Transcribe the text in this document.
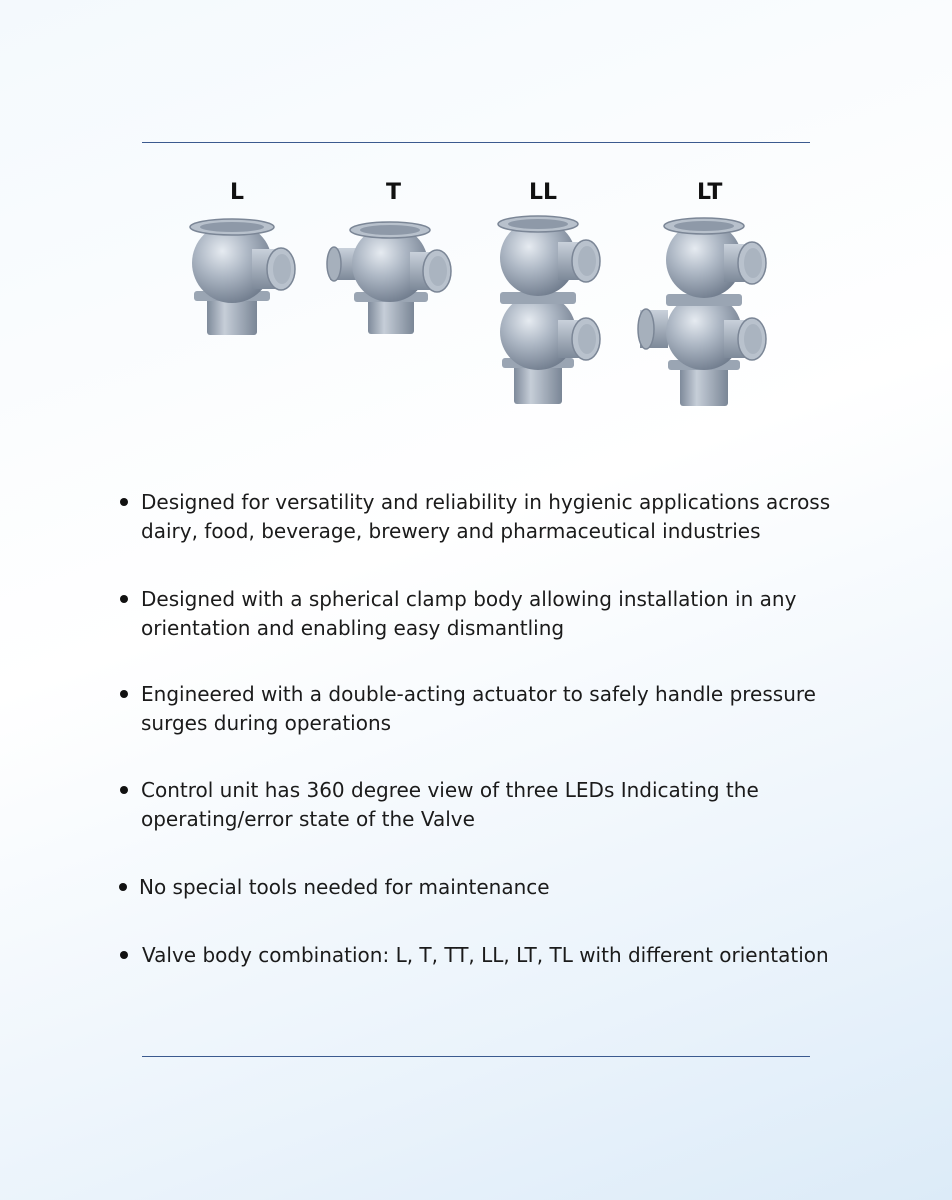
L	T	LL	LT
Designed for versatility and reliability in hygienic applications across
dairy, food, beverage, brewery and pharmaceutical industries
Designed with a spherical clamp body allowing installation in any
orientation and enabling easy dismantling
Engineered with a double-acting actuator to safely handle pressure
surges during operations
Control unit has 360 degree view of three LEDs Indicating the
operating/error state of the Valve
No special tools needed for maintenance
Valve body combination: L, T, TT, LL, LT, TL with different orientation
